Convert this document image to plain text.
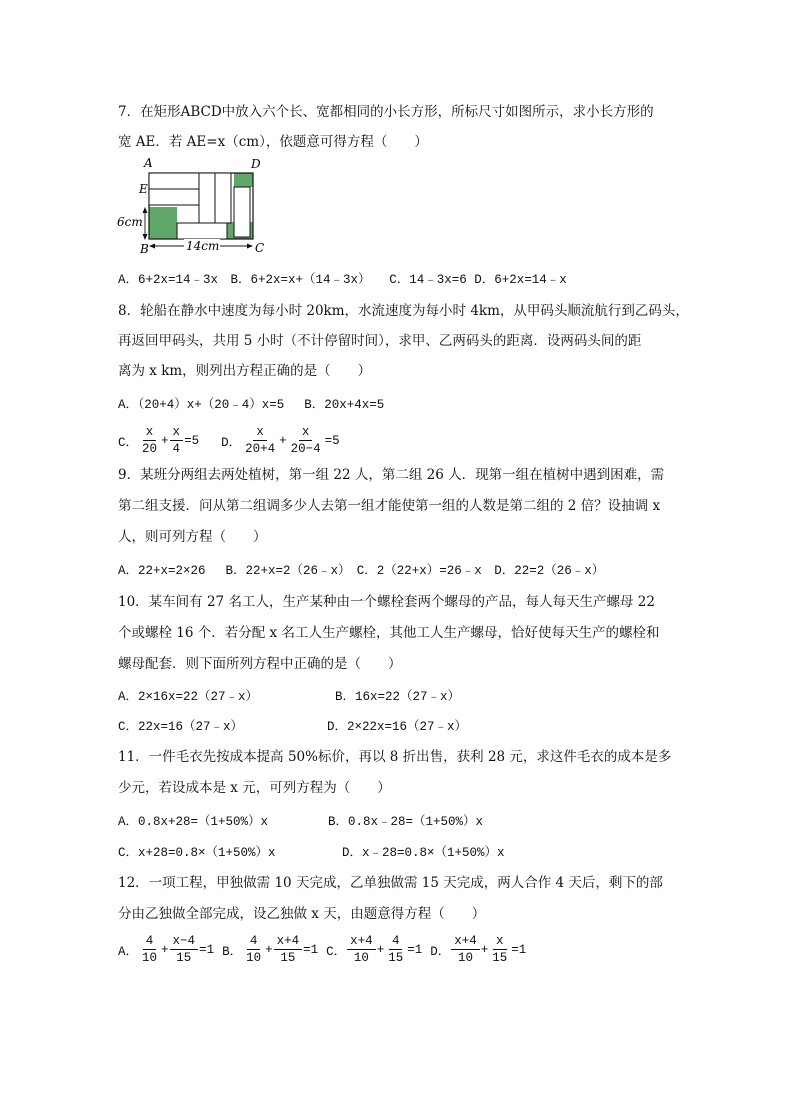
7．在矩形ABCD中放入六个长、宽都相同的小长方形，所标尺寸如图所示，求小长方形的
宽 AE．若 AE=x（cm），依题意可得方程（　　）
A	D
E
B	C
6cm
14cm
A．6+2x=14﹣3x　B．6+2x=x+（14﹣3x）　　C．14﹣3x=6 D．6+2x=14﹣x
8．轮船在静水中速度为每小时 20km，水流速度为每小时 4km，从甲码头顺流航行到乙码头，
再返回甲码头，共用 5 小时（不计停留时间），求甲、乙两码头的距离．设两码头间的距
离为 x km，则列出方程正确的是（　　）
A．（20+4）x+（20﹣4）x=5　 B．20x+4x=5
C． $\frac{x}{20} + \frac{x}{4} =5$ D． $\frac{x}{20+4} + \frac{x}{20-4} =5$
9．某班分两组去两处植树，第一组 22 人，第二组 26 人．现第一组在植树中遇到困难，需
第二组支援．问从第二组调多少人去第一组才能使第一组的人数是第二组的 2 倍？设抽调 x
人，则可列方程（　　）
A．22+x=2×26　 B．22+x=2（26﹣x）　C．2（22+x）=26﹣x　D．22=2（26﹣x）
10．某车间有 27 名工人，生产某种由一个螺栓套两个螺母的产品，每人每天生产螺母 22
个或螺栓 16 个．若分配 x 名工人生产螺栓，其他工人生产螺母，恰好使每天生产的螺栓和
螺母配套．则下面所列方程中正确的是（　　）
A．2×16x=22（27﹣x）	B．16x=22（27﹣x）
C．22x=16（27﹣x）	D．2×22x=16（27﹣x）
11．一件毛衣先按成本提高 50%标价，再以 8 折出售，获利 28 元，求这件毛衣的成本是多
少元，若设成本是 x 元，可列方程为（　　）
A．0.8x+28=（1+50%）x	B．0.8x﹣28=（1+50%）x
C．x+28=0.8×（1+50%）x	D．x﹣28=0.8×（1+50%）x
12．一项工程，甲独做需 10 天完成，乙单独做需 15 天完成，两人合作 4 天后，剩下的部
分由乙独做全部完成，设乙独做 x 天，由题意得方程（　　）
A． $\frac{4}{10} + \frac{x-4}{15} =1$ B． $\frac{4}{10} + \frac{x+4}{15} =1$ C． $\frac{x+4}{10} + \frac{4}{15} =1$ D． $\frac{x+4}{10} + \frac{x}{15} =1$
